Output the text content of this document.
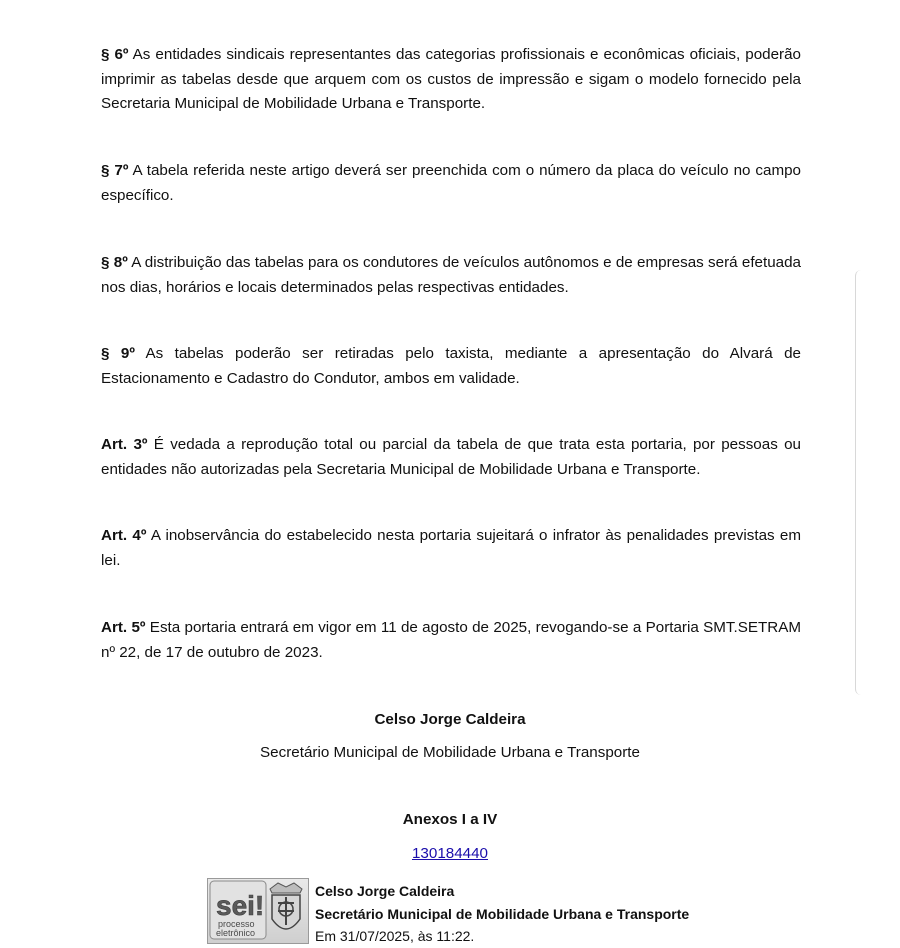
§ 6º As entidades sindicais representantes das categorias profissionais e econômicas oficiais, poderão imprimir as tabelas desde que arquem com os custos de impressão e sigam o modelo fornecido pela Secretaria Municipal de Mobilidade Urbana e Transporte.

§ 7º A tabela referida neste artigo deverá ser preenchida com o número da placa do veículo no campo específico.

§ 8º A distribuição das tabelas para os condutores de veículos autônomos e de empresas será efetuada nos dias, horários e locais determinados pelas respectivas entidades.

§ 9º As tabelas poderão ser retiradas pelo taxista, mediante a apresentação do Alvará de Estacionamento e Cadastro do Condutor, ambos em validade.

Art. 3º É vedada a reprodução total ou parcial da tabela de que trata esta portaria, por pessoas ou entidades não autorizadas pela Secretaria Municipal de Mobilidade Urbana e Transporte.

Art. 4º A inobservância do estabelecido nesta portaria sujeitará o infrator às penalidades previstas em lei.

Art. 5º Esta portaria entrará em vigor em 11 de agosto de 2025, revogando-se a Portaria SMT.SETRAM nº 22, de 17 de outubro de 2023.

Celso Jorge Caldeira

Secretário Municipal de Mobilidade Urbana e Transporte

Anexos I a IV

130184440

sei!
processo
eletrônico
Celso Jorge Caldeira
Secretário Municipal de Mobilidade Urbana e Transporte
Em 31/07/2025, às 11:22.
